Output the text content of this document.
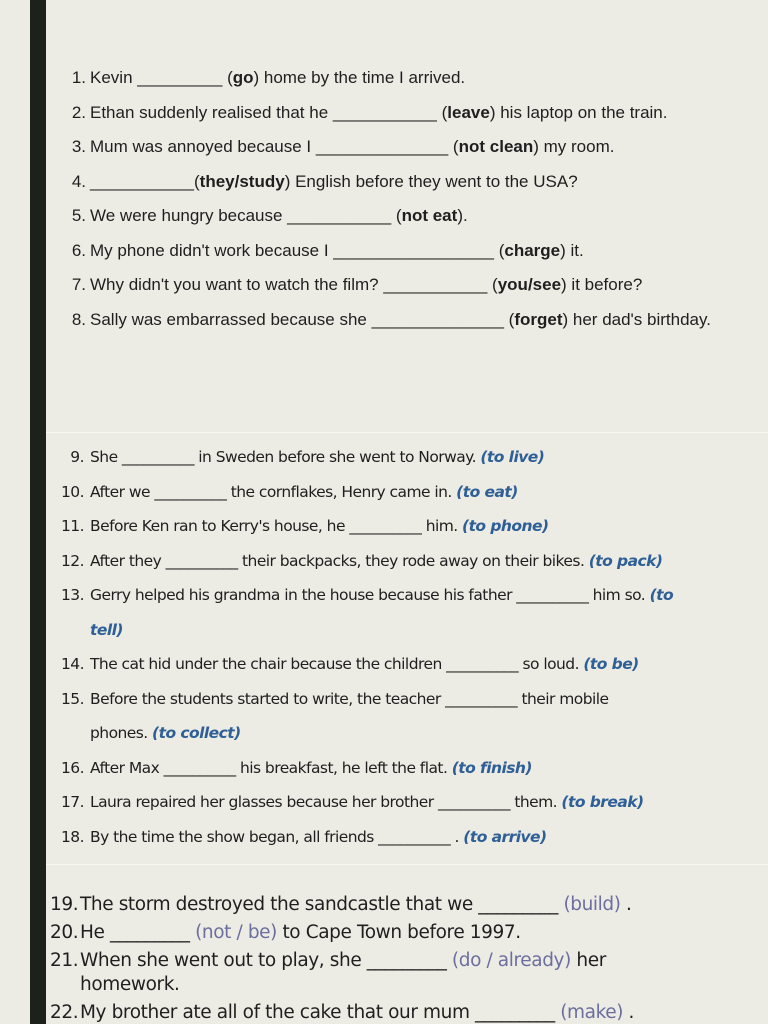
1. Kevin _________ (go) home by the time I arrived.
2. Ethan suddenly realised that he ___________ (leave) his laptop on the train.
3. Mum was annoyed because I ______________ (not clean) my room.
4. ___________(they/study) English before they went to the USA?
5. We were hungry because ___________ (not eat).
6. My phone didn't work because I _________________ (charge) it.
7. Why didn't you want to watch the film? ___________ (you/see) it before?
8. Sally was embarrassed because she ______________ (forget) her dad's birthday.
9. She __________ in Sweden before she went to Norway. (to live)
10. After we __________ the cornflakes, Henry came in. (to eat)
11. Before Ken ran to Kerry's house, he __________ him. (to phone)
12. After they __________ their backpacks, they rode away on their bikes. (to pack)
13. Gerry helped his grandma in the house because his father __________ him so. (to
tell)
14. The cat hid under the chair because the children __________ so loud. (to be)
15. Before the students started to write, the teacher __________ their mobile
phones. (to collect)
16. After Max __________ his breakfast, he left the flat. (to finish)
17. Laura repaired her glasses because her brother __________ them. (to break)
18. By the time the show began, all friends __________ . (to arrive)
19.The storm destroyed the sandcastle that we _________ (build) .
20.He _________ (not / be) to Cape Town before 1997.
21.When she went out to play, she _________ (do / already) her
homework.
22.My brother ate all of the cake that our mum _________ (make) .
